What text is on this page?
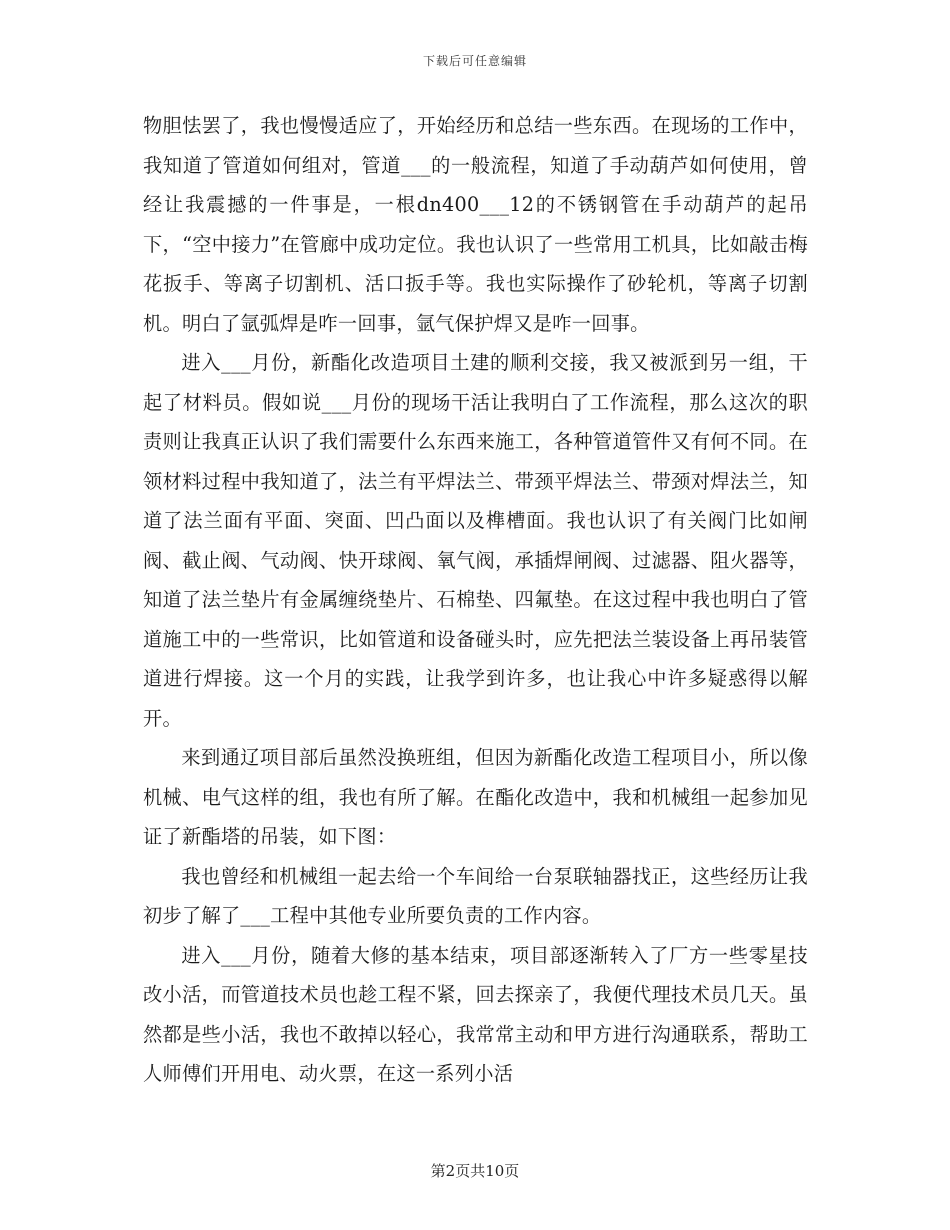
下载后可任意编辑

物胆怯罢了，我也慢慢适应了，开始经历和总结一些东西。在现场的工作中，我知道了管道如何组对，管道___的一般流程，知道了手动葫芦如何使用，曾经让我震撼的一件事是，一根dn400___12的不锈钢管在手动葫芦的起吊下，“空中接力”在管廊中成功定位。我也认识了一些常用工机具，比如敲击梅花扳手、等离子切割机、活口扳手等。我也实际操作了砂轮机，等离子切割机。明白了氩弧焊是咋一回事，氩气保护焊又是咋一回事。

进入___月份，新酯化改造项目土建的顺利交接，我又被派到另一组，干起了材料员。假如说___月份的现场干活让我明白了工作流程，那么这次的职责则让我真正认识了我们需要什么东西来施工，各种管道管件又有何不同。在领材料过程中我知道了，法兰有平焊法兰、带颈平焊法兰、带颈对焊法兰，知道了法兰面有平面、突面、凹凸面以及榫槽面。我也认识了有关阀门比如闸阀、截止阀、气动阀、快开球阀、氧气阀，承插焊闸阀、过滤器、阻火器等，知道了法兰垫片有金属缠绕垫片、石棉垫、四氟垫。在这过程中我也明白了管道施工中的一些常识，比如管道和设备碰头时，应先把法兰装设备上再吊装管道进行焊接。这一个月的实践，让我学到许多，也让我心中许多疑惑得以解开。

来到通辽项目部后虽然没换班组，但因为新酯化改造工程项目小，所以像机械、电气这样的组，我也有所了解。在酯化改造中，我和机械组一起参加见证了新酯塔的吊装，如下图：

我也曾经和机械组一起去给一个车间给一台泵联轴器找正，这些经历让我初步了解了___工程中其他专业所要负责的工作内容。

进入___月份，随着大修的基本结束，项目部逐渐转入了厂方一些零星技改小活，而管道技术员也趁工程不紧，回去探亲了，我便代理技术员几天。虽然都是些小活，我也不敢掉以轻心，我常常主动和甲方进行沟通联系，帮助工人师傅们开用电、动火票，在这一系列小活

第2页共10页
